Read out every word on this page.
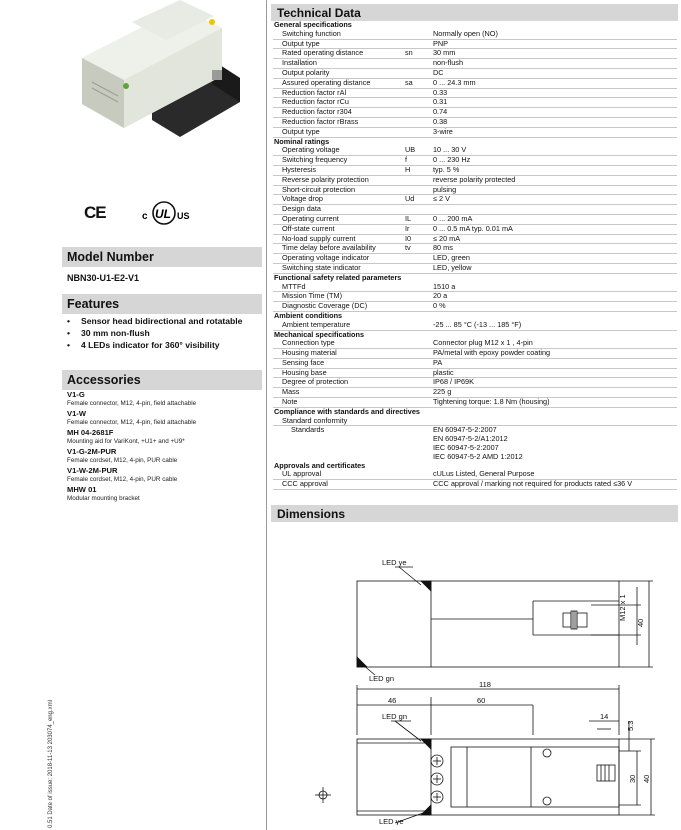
CE	c UL US
Model Number
NBN30-U1-E2-V1
Features
• Sensor head bidirectional and rotatable
• 30 mm non-flush
• 4 LEDs indicator for 360° visibility
Accessories
V1-G
Female connector, M12, 4-pin, field attachable
V1-W
Female connector, M12, 4-pin, field attachable
MH 04-2681F
Mounting aid for VariKont, +U1+ and +U9*
V1-G-2M-PUR
Female cordset, M12, 4-pin, PUR cable
V1-W-2M-PUR
Female cordset, M12, 4-pin, PUR cable
MHW 01
Modular mounting bracket
0.51 Date of issue: 2018-11-13 203074_eng.xml
Technical Data
General specifications		
Switching function		Normally open (NO)
Output type		PNP
Rated operating distance	sn	30 mm
Installation		non-flush
Output polarity		DC
Assured operating distance	sa	0 ... 24.3 mm
Reduction factor rAl		0.33
Reduction factor rCu		0.31
Reduction factor r304		0.74
Reduction factor rBrass		0.38
Output type		3-wire
Nominal ratings		
Operating voltage	UB	10 ... 30 V
Switching frequency	f	0 ... 230 Hz
Hysteresis	H	typ. 5 %
Reverse polarity protection		reverse polarity protected
Short-circuit protection		pulsing
Voltage drop	Ud	≤ 2 V
Design data		
Operating current	IL	0 ... 200 mA
Off-state current	Ir	0 ... 0.5 mA typ. 0.01 mA
No-load supply current	I0	≤ 20 mA
Time delay before availability	tv	80 ms
Operating voltage indicator		LED, green
Switching state indicator		LED, yellow
Functional safety related parameters		
MTTFd		1510 a
Mission Time (TM)		20 a
Diagnostic Coverage (DC)		0 %
Ambient conditions		
Ambient temperature		-25 ... 85 °C (-13 ... 185 °F)
Mechanical specifications		
Connection type		Connector plug M12 x 1 , 4-pin
Housing material		PA/metal with epoxy powder coating
Sensing face		PA
Housing base		plastic
Degree of protection		IP68 / IP69K
Mass		225 g
Note		Tightening torque: 1.8 Nm (housing)
Compliance with standards and directives		
Standard conformity		
Standards		EN 60947-5-2:2007
		EN 60947-5-2/A1:2012
		IEC 60947-5-2:2007
		IEC 60947-5-2 AMD 1:2012
Approvals and certificates		
UL approval		cULus Listed, General Purpose
CCC approval		CCC approval / marking not required for products rated ≤36 V
Dimensions
LED ye
LED gn
M12 x 1
40
118
46	60
14
5.3
LED gn
30 40
LED ye
